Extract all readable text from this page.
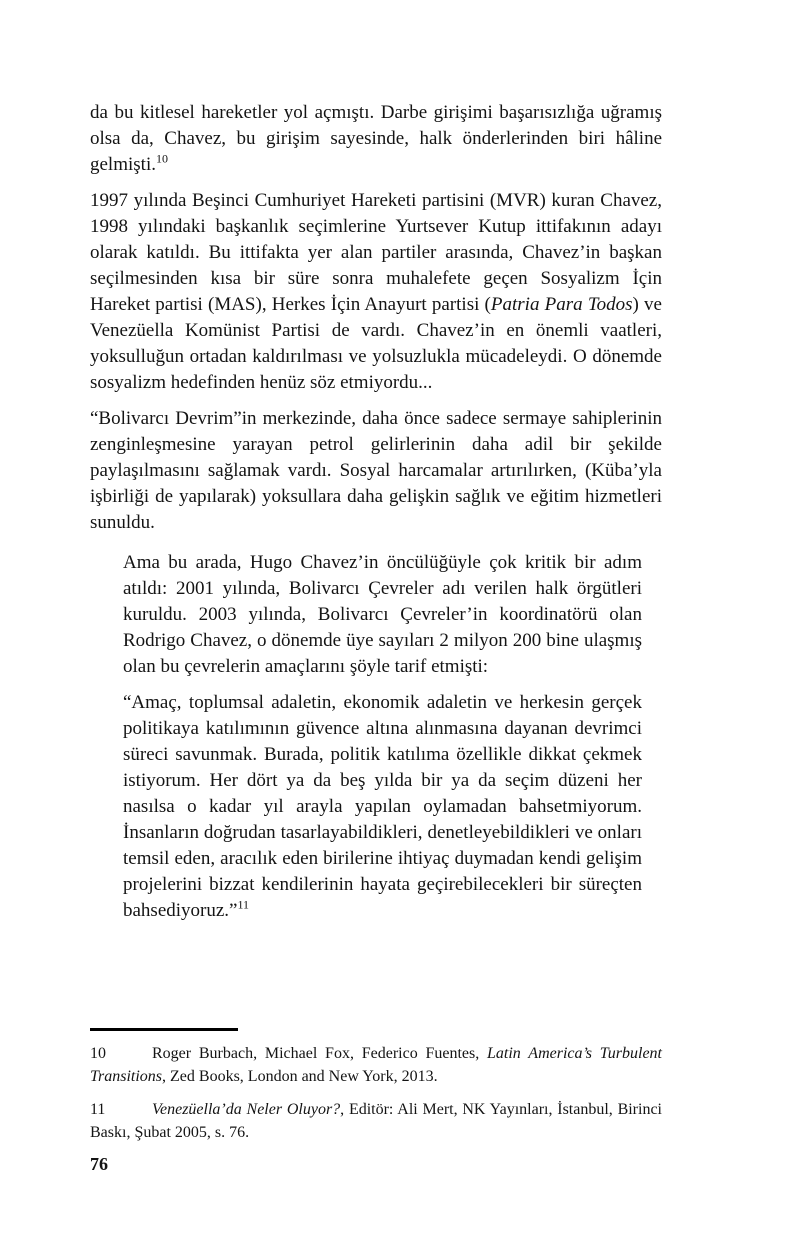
da bu kitlesel hareketler yol açmıştı. Darbe girişimi başarısızlığa uğramış olsa da, Chavez, bu girişim sayesinde, halk önderlerinden biri hâline gelmişti.$^{10}$

1997 yılında Beşinci Cumhuriyet Hareketi partisini (MVR) kuran Chavez, 1998 yılındaki başkanlık seçimlerine Yurtsever Kutup ittifakının adayı olarak katıldı. Bu ittifakta yer alan partiler arasında, Chavez’in başkan seçilmesinden kısa bir süre sonra muhalefete geçen Sosyalizm İçin Hareket partisi (MAS), Herkes İçin Anayurt partisi (Patria Para Todos) ve Venezüella Komünist Partisi de vardı. Chavez’in en önemli vaatleri, yoksulluğun ortadan kaldırılması ve yolsuzlukla mücadeleydi. O dönemde sosyalizm hedefinden henüz söz etmiyordu...

“Bolivarcı Devrim”in merkezinde, daha önce sadece sermaye sahiplerinin zenginleşmesine yarayan petrol gelirlerinin daha adil bir şekilde paylaşılmasını sağlamak vardı. Sosyal harcamalar artırılırken, (Küba’yla işbirliği de yapılarak) yoksullara daha gelişkin sağlık ve eğitim hizmetleri sunuldu.

Ama bu arada, Hugo Chavez’in öncülüğüyle çok kritik bir adım atıldı: 2001 yılında, Bolivarcı Çevreler adı verilen halk örgütleri kuruldu. 2003 yılında, Bolivarcı Çevreler’in koordinatörü olan Rodrigo Chavez, o dönemde üye sayıları 2 milyon 200 bine ulaşmış olan bu çevrelerin amaçlarını şöyle tarif etmişti:

“Amaç, toplumsal adaletin, ekonomik adaletin ve herkesin gerçek politikaya katılımının güvence altına alınmasına dayanan devrimci süreci savunmak. Burada, politik katılıma özellikle dikkat çekmek istiyorum. Her dört ya da beş yılda bir ya da seçim düzeni her nasılsa o kadar yıl arayla yapılan oylamadan bahsetmiyorum. İnsanların doğrudan tasarlayabildikleri, denetleyebildikleri ve onları temsil eden, aracılık eden birilerine ihtiyaç duymadan kendi gelişim projelerini bizzat kendilerinin hayata geçirebilecekleri bir süreçten bahsediyoruz.”$^{11}$

10	Roger Burbach, Michael Fox, Federico Fuentes, Latin America’s Turbulent Transitions, Zed Books, London and New York, 2013.

11	Venezüella’da Neler Oluyor?, Editör: Ali Mert, NK Yayınları, İstanbul, Birinci Baskı, Şubat 2005, s. 76.

76
